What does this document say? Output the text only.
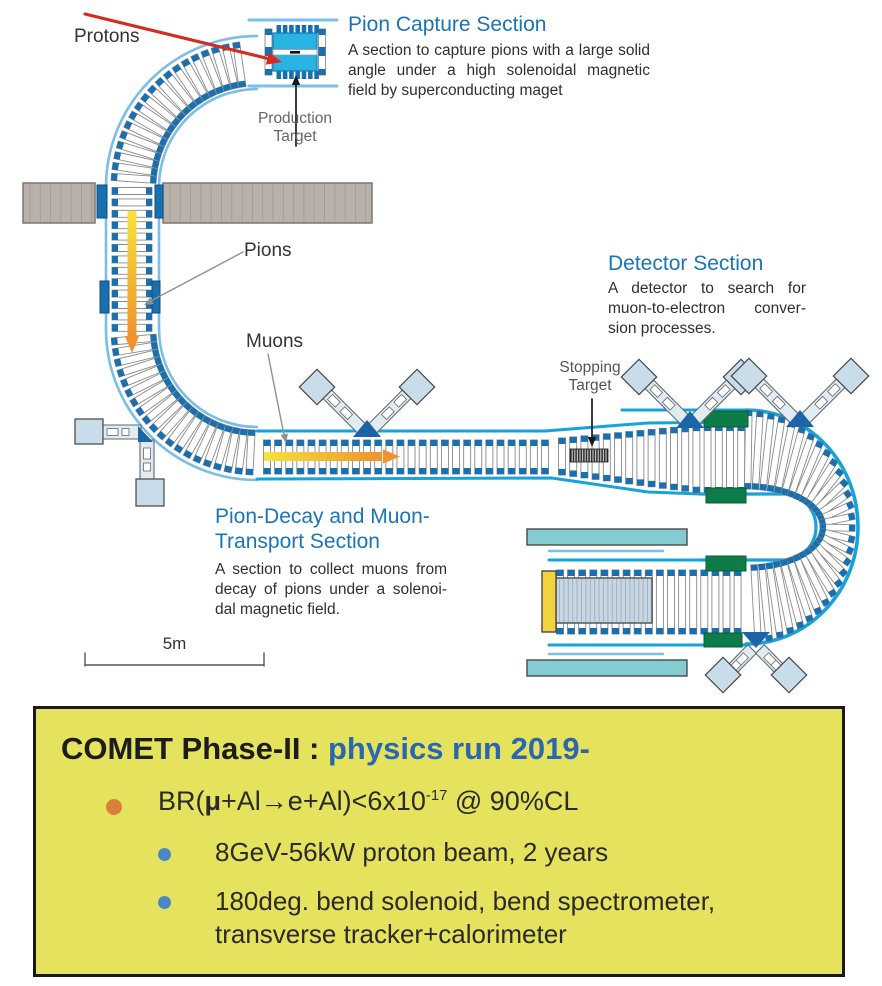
Protons
Pions
Muons
Pion Capture Section
A section to capture pions with a large solid angle under a high solenoidal magnetic field by superconducting maget
Production Target
Detector Section
A detector to search for muon-to-electron conver-sion processes.
Stopping Target
Pion-Decay and Muon-Transport Section
A section to collect muons from decay of pions under a solenoi-dal magnetic field.
5m
COMET Phase-II : physics run 2019-
$BR(\mu+Al\to e+Al)<6x10^{-17}$ @ 90%CL
8GeV-56kW proton beam, 2 years
180deg. bend solenoid, bend spectrometer, transverse tracker+calorimeter
